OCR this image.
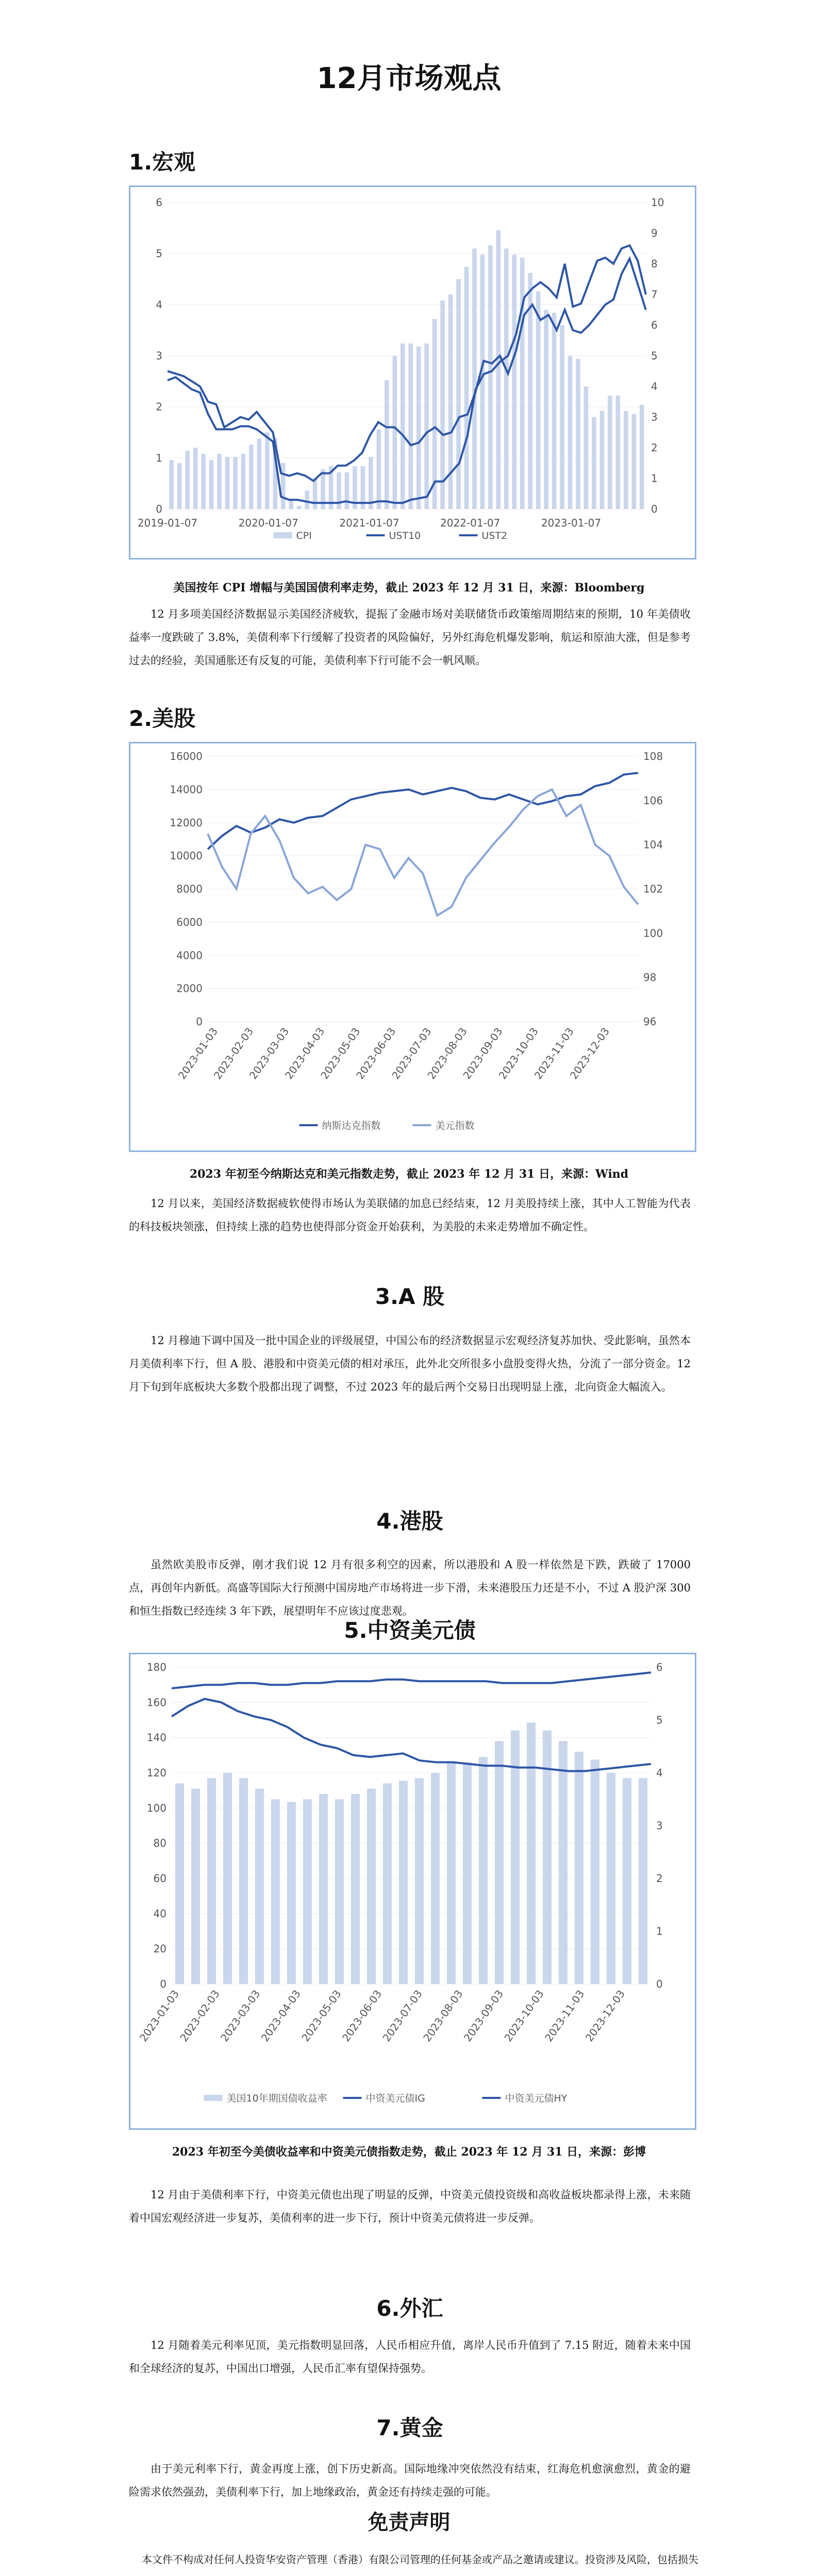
12月市场观点
1.宏观
0
1
2
3
4
5
6
0
1
2
3
4
5
6
7
8
9
10
2019-01-07	2020-01-07	2021-01-07	2022-01-07	2023-01-07
CPI	UST10	UST2
美国按年 CPI 增幅与美国国债利率走势，截止 2023 年 12 月 31 日，来源：Bloomberg
12 月多项美国经济数据显示美国经济疲软，提振了金融市场对美联储货币政策缩周期结束的预期，10 年美债收益率一度跌破了 3.8%，美债利率下行缓解了投资者的风险偏好，另外红海危机爆发影响，航运和原油大涨，但是参考过去的经验，美国通胀还有反复的可能，美债利率下行可能不会一帆风顺。
2.美股
0
2000
4000
6000
8000
10000
12000
14000
16000
96
98
100
102
104
106
108
2023-01-03
2023-02-03
2023-03-03
2023-04-03
2023-05-03
2023-06-03
2023-07-03
2023-08-03
2023-09-03
2023-10-03
2023-11-03
2023-12-03
纳斯达克指数	美元指数
2023 年初至今纳斯达克和美元指数走势，截止 2023 年 12 月 31 日，来源：Wind
12 月以来，美国经济数据疲软使得市场认为美联储的加息已经结束，12 月美股持续上涨，其中人工智能为代表的科技板块领涨，但持续上涨的趋势也使得部分资金开始获利，为美股的未来走势增加不确定性。
3.A 股
12 月穆迪下调中国及一批中国企业的评级展望，中国公布的经济数据显示宏观经济复苏加快、受此影响，虽然本月美债利率下行，但 A 股、港股和中资美元债的相对承压，此外北交所很多小盘股变得火热，分流了一部分资金。12 月下旬到年底板块大多数个股都出现了调整，不过 2023 年的最后两个交易日出现明显上涨，北向资金大幅流入。
4.港股
虽然欧美股市反弹，刚才我们说 12 月有很多利空的因素，所以港股和 A 股一样依然是下跌，跌破了 17000 点，再创年内新低。高盛等国际大行预测中国房地产市场将进一步下滑，未来港股压力还是不小，不过 A 股沪深 300 和恒生指数已经连续 3 年下跌，展望明年不应该过度悲观。
5.中资美元债
0
20
40
60
80
100
120
140
160
180
0
1
2
3
4
5
6
2023-01-03
2023-02-03
2023-03-03
2023-04-03
2023-05-03
2023-06-03
2023-07-03
2023-08-03
2023-09-03
2023-10-03
2023-11-03
2023-12-03
美国10年期国债收益率	中资美元债IG	中资美元债HY
2023 年初至今美债收益率和中资美元债指数走势，截止 2023 年 12 月 31 日，来源：彭博
12 月由于美债利率下行，中资美元债也出现了明显的反弹，中资美元债投资级和高收益板块都录得上涨，未来随着中国宏观经济进一步复苏，美债利率的进一步下行，预计中资美元债将进一步反弹。
6.外汇
12 月随着美元利率见顶，美元指数明显回落，人民币相应升值，离岸人民币升值到了 7.15 附近，随着未来中国和全球经济的复苏，中国出口增强，人民币汇率有望保持强势。
7.黄金
由于美元利率下行，黄金再度上涨，创下历史新高。国际地缘冲突依然没有结束，红海危机愈演愈烈，黄金的避险需求依然强劲，美债利率下行，加上地缘政治，黄金还有持续走强的可能。
免责声明
本文件不构成对任何人投资华安资产管理（香港）有限公司管理的任何基金或产品之邀请或建议。投资涉及风险，包括损失
